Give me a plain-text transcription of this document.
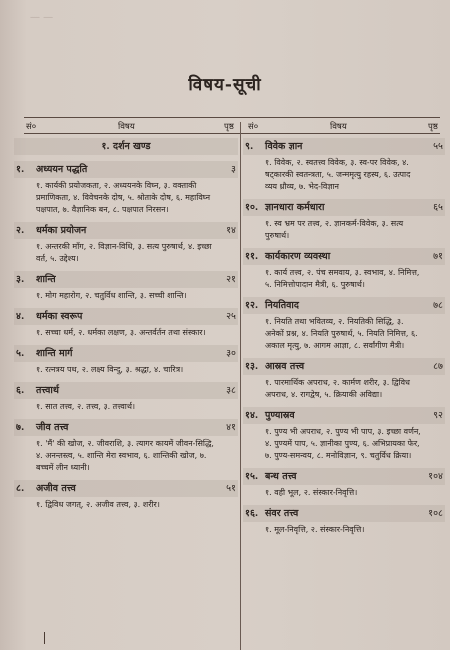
— —
विषय-सूची
सं०	विषय	पृष्ठ सं०	विषय	पृष्ठ
१. दर्शन खण्ड
१. अध्ययन पद्धति	३
१. कार्यकी प्रयोजकता, २. अध्ययनके विघ्न, ३. वक्ताकी प्रमाणिकता, ४. विवेचनके दोष, ५. श्रोताके दोष, ६. महाविघ्न पक्षपात, ७. वैज्ञानिक बन, ८. पक्षपात निरसन।
२. धर्मका प्रयोजन	१४
१. अन्तरकी माँग, २. विज्ञान-विधि, ३. सत्य पुरुषार्थ, ४. इच्छा वर्त, ५. उद्देश्य।
३. शान्ति	२१
१. मोग महारोग, २. चतुर्विध शान्ति, ३. सच्ची शान्ति।
४. धर्मका स्वरूप	२५
१. सच्चा धर्म, २. धर्मका लक्षण, ३. अन्तर्वर्तन तथा संस्कार।
५. शान्ति मार्ग	३०
१. रत्नत्रय पथ, २. लक्ष्य विन्दु, ३. श्रद्धा, ४. चारित्र।
६. तत्त्वार्थ	३८
१. सात तत्त्व, २. तत्त्व, ३. तत्त्वार्थ।
७. जीव तत्त्व	४१
१. 'मैं' की खोज, २. जीवराशि, ३. त्यागर कायमें जीवन-सिद्धि, ४. अनन्तस्त्व, ५. शान्ति मेरा स्वभाव, ६. शान्तिकी खोज, ७. बच्चमें लीन ध्यानी।
८. अजीव तत्त्व	५१
१. द्विविध जगत्, २. अजीव तत्त्व, ३. शरीर।
९. विवेक ज्ञान	५५
१. विवेक, २. स्वतत्त्व विवेक, ३. स्व-पर विवेक, ४. षट्कारकी स्वतन्त्रता, ५. जन्ममृत्यु रहस्य, ६. उत्पाद व्यय ध्रौव्य, ७. भेद-विज्ञान
१०. ज्ञानधारा कर्मधारा	६५
१. स्व भ्रम पर तत्त्व, २. ज्ञानकर्म-विवेक, ३. सत्य पुरुषार्थ।
११. कार्यकारण व्यवस्था	७१
१. कार्य तत्त्व, २. पंच समवाय, ३. स्वभाव, ४. निमित्त, ५. निमित्तोपादान मैत्री, ६. पुरुषार्थ।
१२. नियतिवाद	७८
१. नियति तथा भवितव्य, २. नियतिकी सिद्धि, ३. अनेकों प्रश्न, ४. नियति पुरुषार्थ, ५. नियति निमित्त, ६. अकाल मृत्यु, ७. आगम आज्ञा, ८. सर्वांगीण मैत्री।
१३. आस्रव तत्त्व	८७
१. पारमार्थिक अपराध, २. कार्मण शरीर, ३. द्विविध अपराध, ४. रागद्वेष, ५. क्रियाकी अविद्या।
१४. पुण्यास्रव	९२
१. पुण्य भी अपराध, २. पुण्य भी पाप, ३. इच्छा वर्णन, ४. पुण्यमें पाप, ५. ज्ञानीका पुण्य, ६. अभिप्रायका फेर, ७. पुण्य-समन्वय, ८. मनोविज्ञान, ९. चतुर्विध क्रिया।
१५. बन्ध तत्त्व	१०४
१. वही भूल, २. संस्कार-निवृत्ति।
१६. संवर तत्त्व	१०८
१. मूल-निवृत्ति, २. संस्कार-निवृत्ति।
